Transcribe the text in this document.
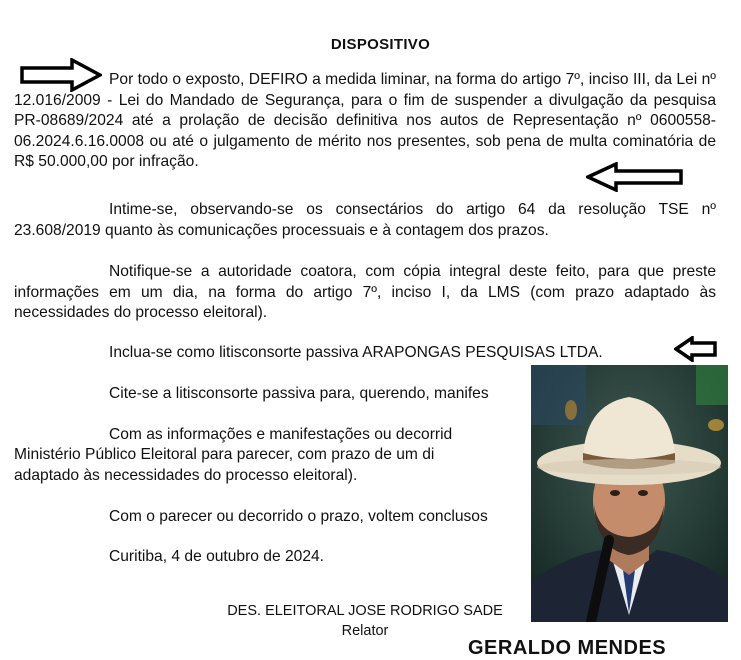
DISPOSITIVO

Por todo o exposto, DEFIRO a medida liminar, na forma do artigo 7º, inciso III, da Lei nº 12.016/2009 - Lei do Mandado de Segurança, para o fim de suspender a divulgação da pesquisa PR-08689/2024 até a prolação de decisão definitiva nos autos de Representação nº 0600558-06.2024.6.16.0008 ou até o julgamento de mérito nos presentes, sob pena de multa cominatória de R$ 50.000,00 por infração.

Intime-se, observando-se os consectários do artigo 64 da resolução TSE nº 23.608/2019 quanto às comunicações processuais e à contagem dos prazos.

Notifique-se a autoridade coatora, com cópia integral deste feito, para que preste informações em um dia, na forma do artigo 7º, inciso I, da LMS (com prazo adaptado às necessidades do processo eleitoral).

Inclua-se como litisconsorte passiva ARAPONGAS PESQUISAS LTDA.

Cite-se a litisconsorte passiva para, querendo, manifes

Com as informações e manifestações ou decorrid

Ministério Público Eleitoral para parecer, com prazo de um di

adaptado às necessidades do processo eleitoral).

Com o parecer ou decorrido o prazo, voltem conclusos

Curitiba, 4 de outubro de 2024.

DES. ELEITORAL JOSE RODRIGO SADE
Relator
GERALDO MENDES
